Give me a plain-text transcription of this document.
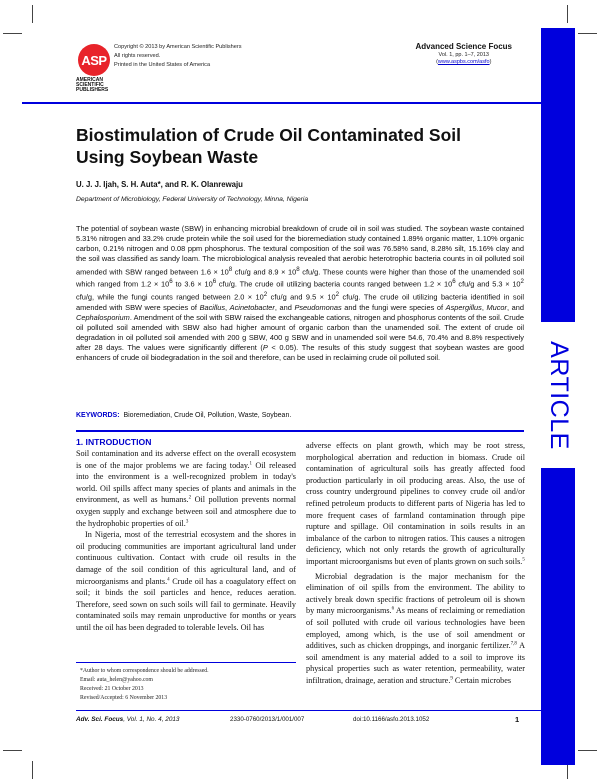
ARTICLE
ASP
AMERICAN
SCIENTIFIC
PUBLISHERS
Copyright © 2013 by American Scientific Publishers
All rights reserved.
Printed in the United States of America
Advanced Science Focus
Vol. 1, pp. 1–7, 2013
(www.aspbs.com/asfo)
Biostimulation of Crude Oil Contaminated Soil
Using Soybean Waste
U. J. J. Ijah, S. H. Auta*, and R. K. Olanrewaju
Department of Microbiology, Federal University of Technology, Minna, Nigeria
The potential of soybean waste (SBW) in enhancing microbial breakdown of crude oil in soil was studied. The soybean waste contained 5.31% nitrogen and 33.2% crude protein while the soil used for the bioremediation study contained 1.89% organic matter, 1.10% organic carbon, 0.21% nitrogen and 0.08 ppm phosphorus. The textural composition of the soil was 76.58% sand, 8.28% silt, 15.16% clay and the soil was classified as sandy loam. The microbiological analysis revealed that aerobic heterotrophic bacteria counts in oil polluted soil amended with SBW ranged between $1.6 \times 10^8$ cfu/g and $8.9 \times 10^8$ cfu/g. These counts were higher than those of the unamended soil which ranged from $1.2 \times 10^6$ to $3.6 \times 10^6$ cfu/g. The crude oil utilizing bacteria counts ranged between $1.2 \times 10^6$ cfu/g and $5.3 \times 10^2$ cfu/g, while the fungi counts ranged between $2.0 \times 10^2$ cfu/g and $9.5 \times 10^2$ cfu/g. The crude oil utilizing bacteria identified in soil amended with SBW were species of Bacillus, Acinetobacter, and Pseudomonas and the fungi were species of Aspergillus, Mucor, and Cephalosporium. Amendment of the soil with SBW raised the exchangeable cations, nitrogen and phosphorus contents of the soil. Crude oil polluted soil amended with SBW also had higher amount of organic carbon than the unamended soil. The extent of crude oil degradation in oil polluted soil amended with 200 g SBW, 400 g SBW and in unamended soil were 54.6, 70.4% and 8.8% respectively after 28 days. The values were significantly different (P < 0.05). The results of this study suggest that soybean wastes are good enhancers of crude oil biodegradation in the soil and therefore, can be used in reclaiming crude oil polluted soil.
KEYWORDS: Bioremediation, Crude Oil, Pollution, Waste, Soybean.
1. INTRODUCTION

Soil contamination and its adverse effect on the overall ecosystem is one of the major problems we are facing today.$^1$ Oil released into the environment is a well-recognized problem in today's world. Oil spills affect many species of plants and animals in the environment, as well as humans.$^2$ Oil pollution prevents normal oxygen supply and exchange between soil and atmosphere due to the hydrophobic properties of oil.$^3$

In Nigeria, most of the terrestrial ecosystem and the shores in oil producing communities are important agricultural land under continuous cultivation. Contact with crude oil results in the damage of the soil condition of this agricultural land, and of microorganisms and plants.$^4$ Crude oil has a coagulatory effect on soil; it binds the soil particles and hence, reduces aeration. Therefore, seed sown on such soils will fail to germinate. Heavily contaminated soils may remain unproductive for months or years until the oil has been degraded to tolerable levels. Oil has

adverse effects on plant growth, which may be root stress, morphological aberration and reduction in biomass. Crude oil contamination of agricultural soils has greatly affected food production particularly in oil producing areas. Also, the use of cross country underground pipelines to convey crude oil and/or refined petroleum products to different parts of Nigeria has led to more frequent cases of farmland contamination through pipe rupture and spillage. Oil contamination in soils results in an imbalance of the carbon to nitrogen ratios. This causes a nitrogen deficiency, which not only retards the growth of agriculturally important microorganisms but even of plants grown on such soils.$^5$

Microbial degradation is the major mechanism for the elimination of oil spills from the environment. The ability to actively break down specific fractions of petroleum oil is shown by many microorganisms.$^6$ As means of reclaiming or remediation of soil polluted with crude oil various technologies have been employed, among which, is the use of soil amendment or additives, such as chicken droppings, and inorganic fertilizer.$^{7,8}$ A soil amendment is any material added to a soil to improve its physical properties such as water retention, permeability, water infiltration, drainage, aeration and structure.$^9$ Certain microbes

*Author to whom correspondence should be addressed.
Email: auta_helen@yahoo.com
Received: 21 October 2013
Revised/Accepted: 6 November 2013
Adv. Sci. Focus, Vol. 1, No. 4, 2013	2330-0760/2013/1/001/007	doi:10.1166/asfo.2013.1052	1
